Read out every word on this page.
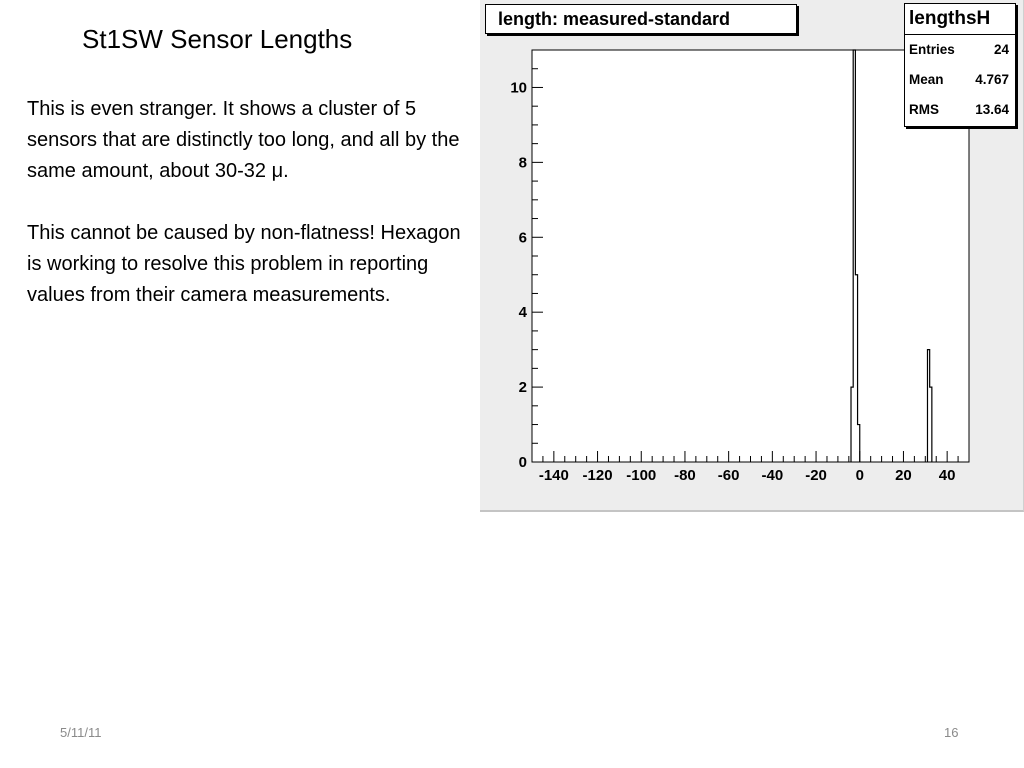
St1SW Sensor Lengths

This is even stranger. It shows a cluster of 5 sensors that are distinctly too long, and all by the same amount, about 30-32 μ.

This cannot be caused by non-flatness! Hexagon is working to resolve this problem in reporting values from their camera measurements.

-140 -120 -100 -80 -60 -40 -20 0 20 40
0
2
4
6
8
10
length: measured-standard	lengthsH
Entries	24
Mean 4.767
RMS	13.64
5/11/11	16
